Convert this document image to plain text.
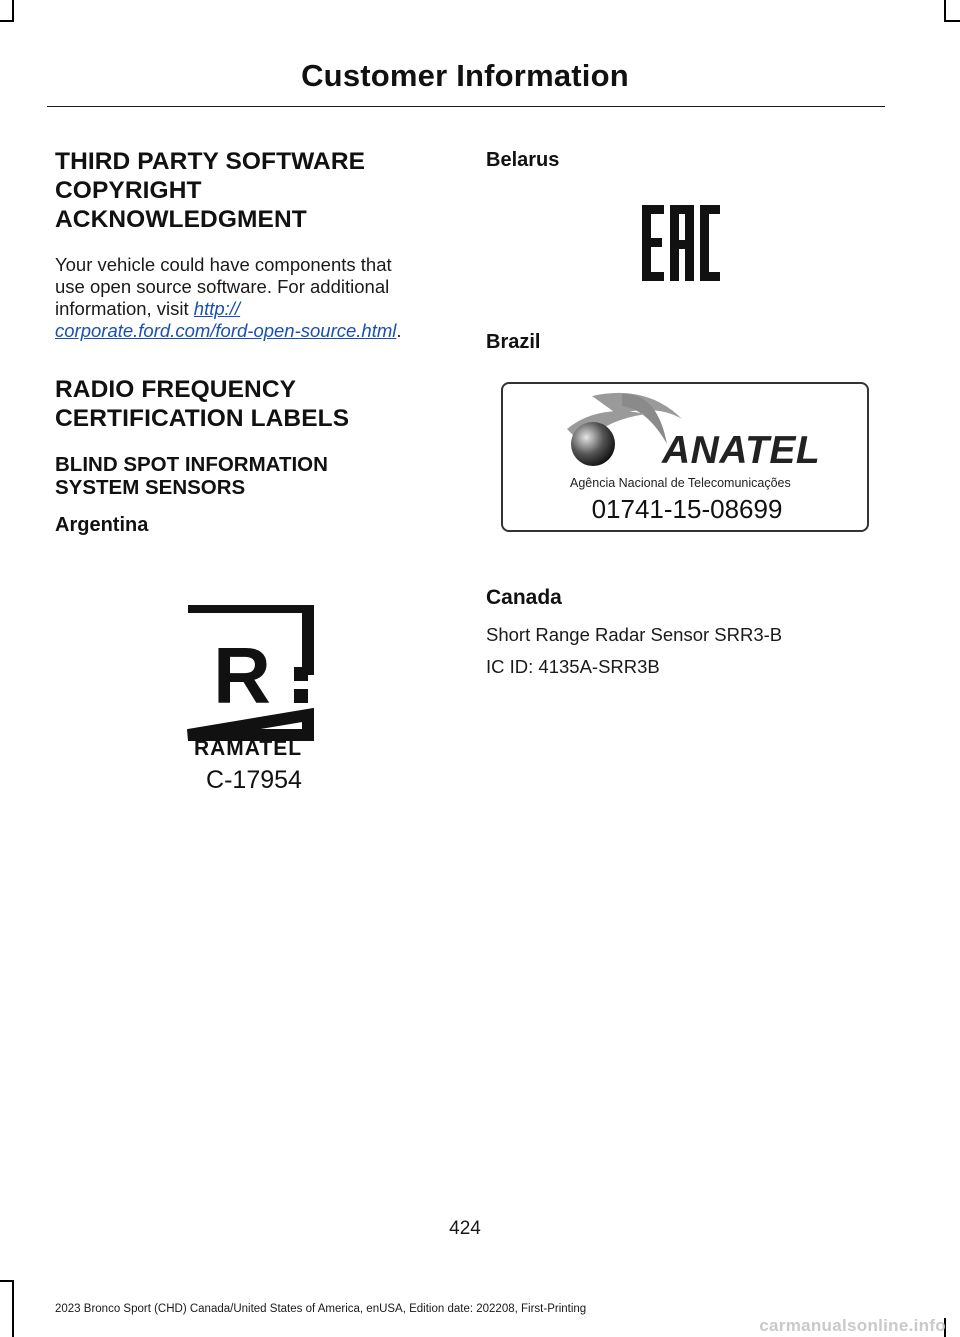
Customer Information

THIRD PARTY SOFTWARE

COPYRIGHT

ACKNOWLEDGMENT

Your vehicle could have components that

use open source software. For additional

information, visit http://

corporate.ford.com/ford-open-source.html.

RADIO FREQUENCY

CERTIFICATION LABELS

BLIND SPOT INFORMATION

SYSTEM SENSORS

Argentina

R
RAMATEL
C-17954

Belarus

Brazil

ANATEL
Agência Nacional de Telecomunicações
01741-15-08699

Canada

Short Range Radar Sensor SRR3-B

IC ID: 4135A-SRR3B

424
2023 Bronco Sport (CHD) Canada/United States of America, enUSA, Edition date: 202208, First-Printing
carmanualsonline.info
